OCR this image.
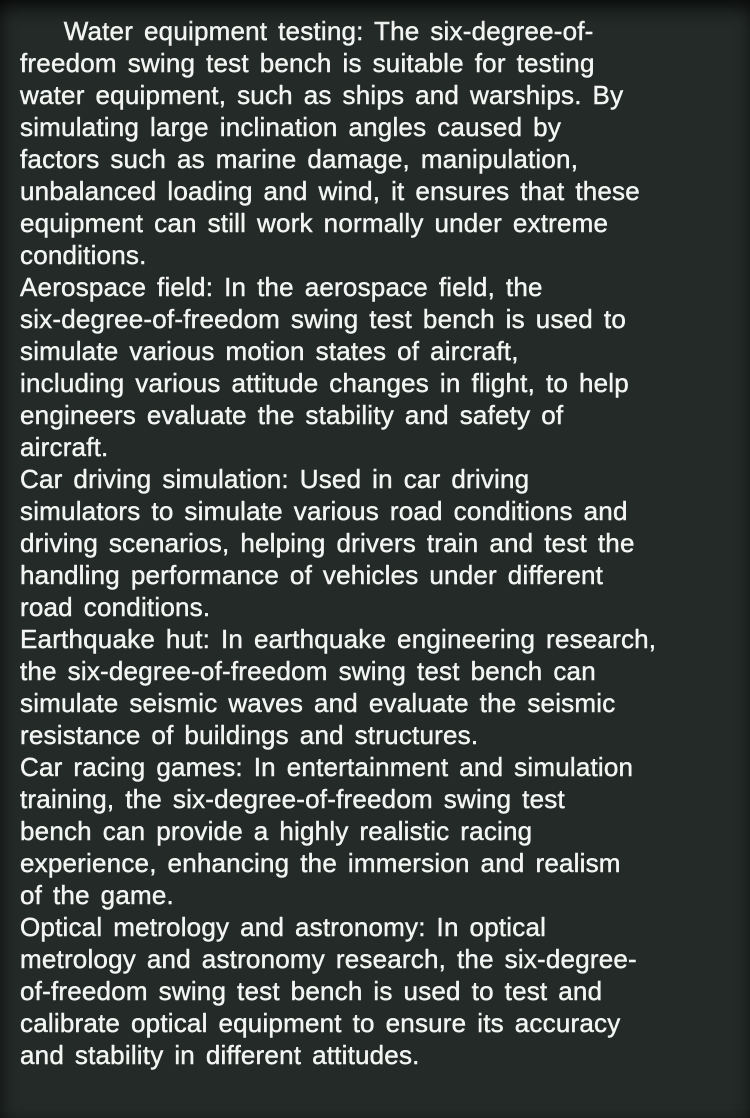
Water equipment testing: The six-degree-of-
freedom swing test bench is suitable for testing
water equipment, such as ships and warships. By
simulating large inclination angles caused by
factors such as marine damage, manipulation,
unbalanced loading and wind, it ensures that these
equipment can still work normally under extreme
conditions.
Aerospace field: In the aerospace field, the
six-degree-of-freedom swing test bench is used to
simulate various motion states of aircraft,
including various attitude changes in flight, to help
engineers evaluate the stability and safety of
aircraft.
Car driving simulation: Used in car driving
simulators to simulate various road conditions and
driving scenarios, helping drivers train and test the
handling performance of vehicles under different
road conditions.
Earthquake hut: In earthquake engineering research,
the six-degree-of-freedom swing test bench can
simulate seismic waves and evaluate the seismic
resistance of buildings and structures.
Car racing games: In entertainment and simulation
training, the six-degree-of-freedom swing test
bench can provide a highly realistic racing
experience, enhancing the immersion and realism
of the game.
Optical metrology and astronomy: In optical
metrology and astronomy research, the six-degree-
of-freedom swing test bench is used to test and
calibrate optical equipment to ensure its accuracy
and stability in different attitudes.
